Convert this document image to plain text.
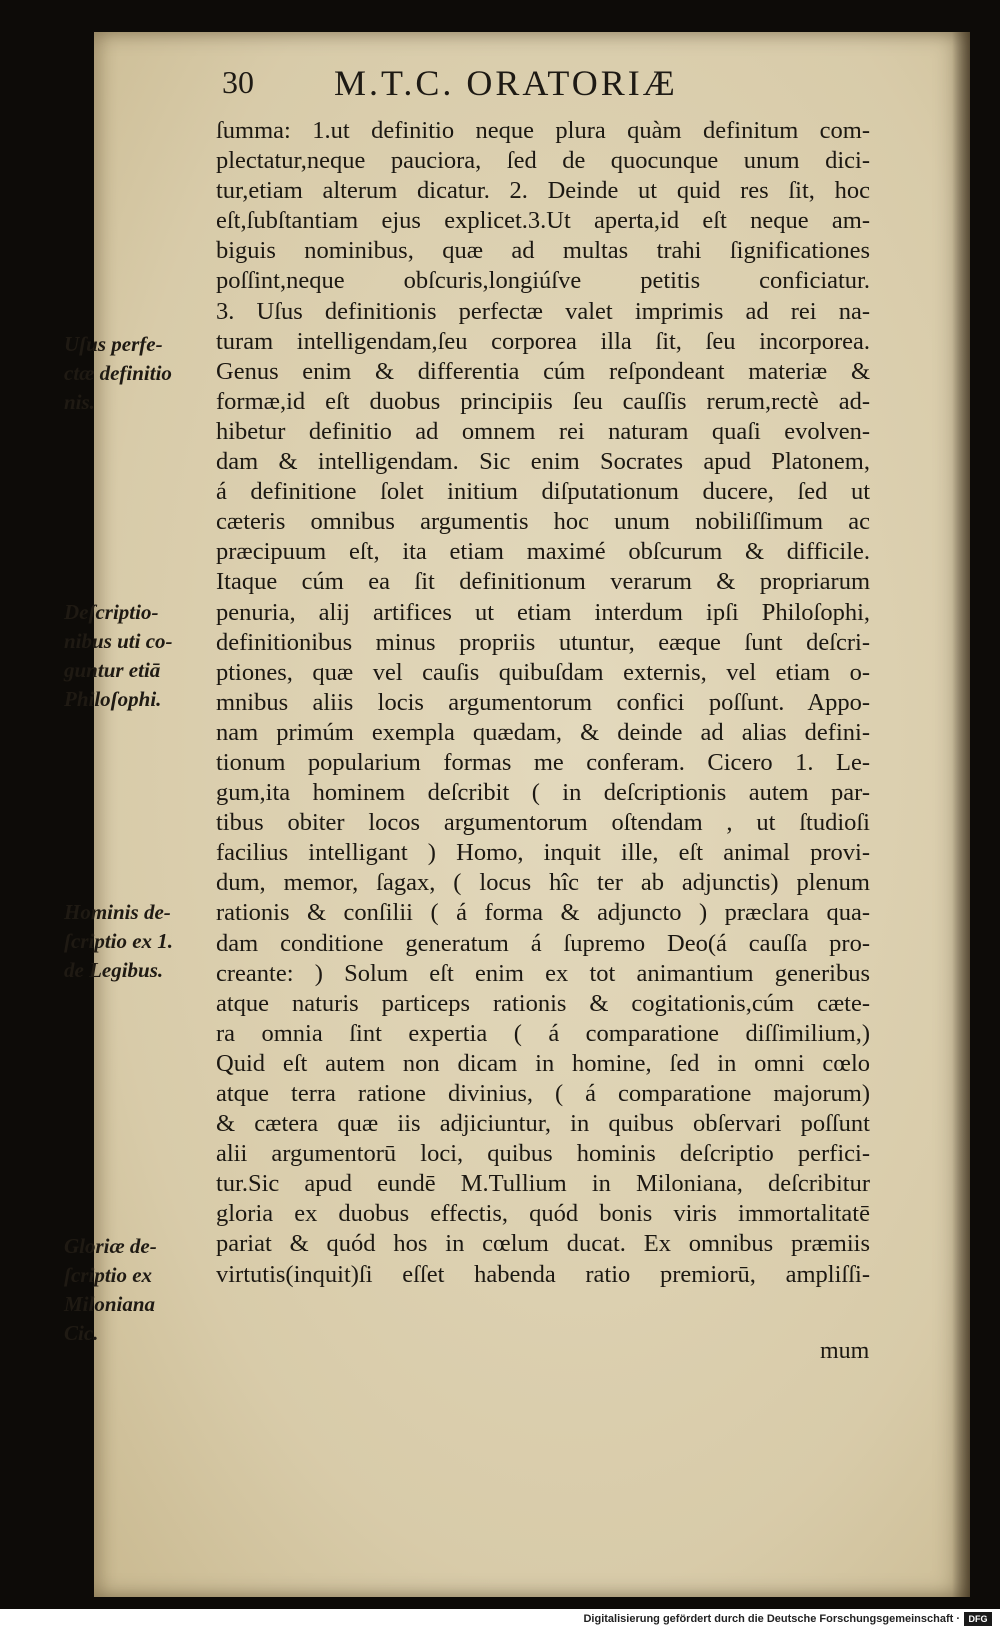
30 M.T.C. ORATORIÆ
ſumma: 1.ut definitio neque plura quàm definitum com-
plectatur,neque pauciora, ſed de quocunque unum dici-
tur,etiam alterum dicatur. 2. Deinde ut quid res ſit, hoc
eſt,ſubſtantiam ejus explicet.3.Ut aperta,id eſt neque am-
biguis nominibus, quæ ad multas trahi ſignificationes
poſſint,neque obſcuris,longiúſve petitis conficiatur.
3. Uſus definitionis perfectæ valet imprimis ad rei na-
turam intelligendam,ſeu corporea illa ſit, ſeu incorporea.
Genus enim & differentia cúm reſpondeant materiæ &
formæ,id eſt duobus principiis ſeu cauſſis rerum,rectè ad-
hibetur definitio ad omnem rei naturam quaſi evolven-
dam & intelligendam. Sic enim Socrates apud Platonem,
á definitione ſolet initium diſputationum ducere, ſed ut
cæteris omnibus argumentis hoc unum nobiliſſimum ac
præcipuum eſt, ita etiam maximé obſcurum & difficile.
Itaque cúm ea ſit definitionum verarum & propriarum
penuria, alij artifices ut etiam interdum ipſi Philoſophi,
definitionibus minus propriis utuntur, eæque ſunt deſcri-
ptiones, quæ vel cauſis quibuſdam externis, vel etiam o-
mnibus aliis locis argumentorum confici poſſunt. Appo-
nam primúm exempla quædam, & deinde ad alias defini-
tionum popularium formas me conferam. Cicero 1. Le-
gum,ita hominem deſcribit ( in deſcriptionis autem par-
tibus obiter locos argumentorum oſtendam , ut ſtudioſi
facilius intelligant ) Homo, inquit ille, eſt animal provi-
dum, memor, ſagax, ( locus hîc ter ab adjunctis) plenum
rationis & conſilii ( á forma & adjuncto ) præclara qua-
dam conditione generatum á ſupremo Deo(á cauſſa pro-
creante: ) Solum eſt enim ex tot animantium generibus
atque naturis particeps rationis & cogitationis,cúm cæte-
ra omnia ſint expertia ( á comparatione diſſimilium,)
Quid eſt autem non dicam in homine, ſed in omni cœlo
atque terra ratione divinius, ( á comparatione majorum)
& cætera quæ iis adjiciuntur, in quibus obſervari poſſunt
alii argumentorū loci, quibus hominis deſcriptio perfici-
tur.Sic apud eundē M.Tullium in Miloniana, deſcribitur
gloria ex duobus effectis, quód bonis viris immortalitatē
pariat & quód hos in cœlum ducat. Ex omnibus præmiis
virtutis(inquit)ſi eſſet habenda ratio premiorū, ampliſſi-
Uſus perfe-
ctæ definitio
nis.
Deſcriptio-
nibus uti co-
guntur etiā
Philoſophi.
Hominis de-
ſcriptio ex 1.
de Legibus.
Gloriæ de-
ſcriptio ex
Miloniana
Cic.
mum
Digitalisierung gefördert durch die Deutsche Forschungsgemeinschaft · DFG
